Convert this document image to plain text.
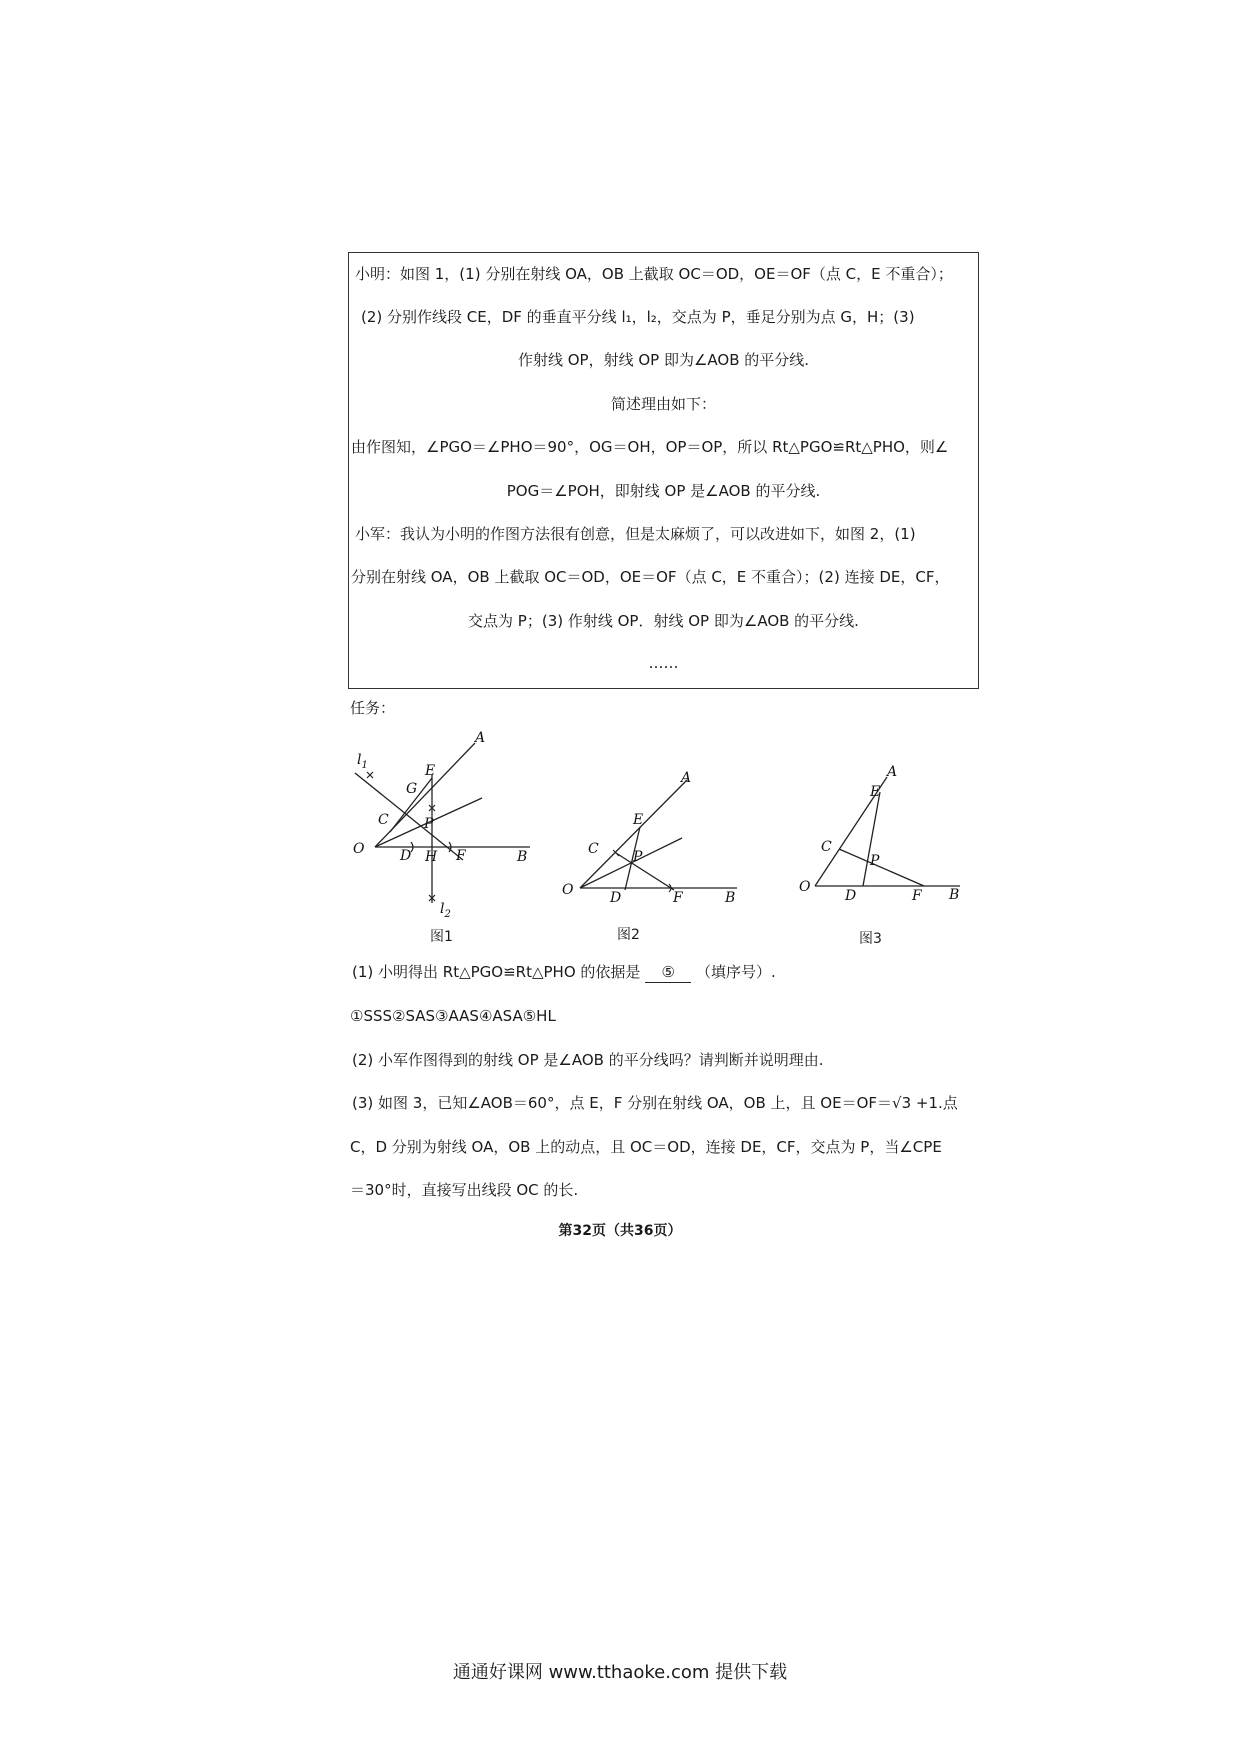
小明：如图 1，(1) 分别在射线 OA，OB 上截取 OC＝OD，OE＝OF（点 C，E 不重合）；
(2) 分别作线段 CE，DF 的垂直平分线 l₁，l₂，交点为 P，垂足分别为点 G，H；(3)
作射线 OP，射线 OP 即为∠AOB 的平分线.
简述理由如下：
由作图知，∠PGO＝∠PHO＝90°，OG＝OH，OP＝OP，所以 Rt△PGO≌Rt△PHO，则∠
POG＝∠POH，即射线 OP 是∠AOB 的平分线.
小军：我认为小明的作图方法很有创意，但是太麻烦了，可以改进如下，如图 2，(1)
分别在射线 OA，OB 上截取 OC＝OD，OE＝OF（点 C，E 不重合）；(2) 连接 DE，CF，
交点为 P；(3) 作射线 OP．射线 OP 即为∠AOB 的平分线.
……
任务：
O
A
B
C
D
E
F
G
H
P
$l_1$
$l_2$
图1
O
A
B
C
D
E
F
P
图2
O
A
B
C
D
E
F
P
图3
(1) 小明得出 Rt△PGO≌Rt△PHO 的依据是 ⑤ （填序号）.
①SSS②SAS③AAS④ASA⑤HL
(2) 小军作图得到的射线 OP 是∠AOB 的平分线吗？请判断并说明理由.
(3) 如图 3，已知∠AOB＝60°，点 E，F 分别在射线 OA，OB 上，且 OE＝OF＝√3 +1.点
C，D 分别为射线 OA，OB 上的动点，且 OC＝OD，连接 DE，CF，交点为 P，当∠CPE
＝30°时，直接写出线段 OC 的长.
第32页（共36页）
通通好课网 www.tthaoke.com 提供下载
